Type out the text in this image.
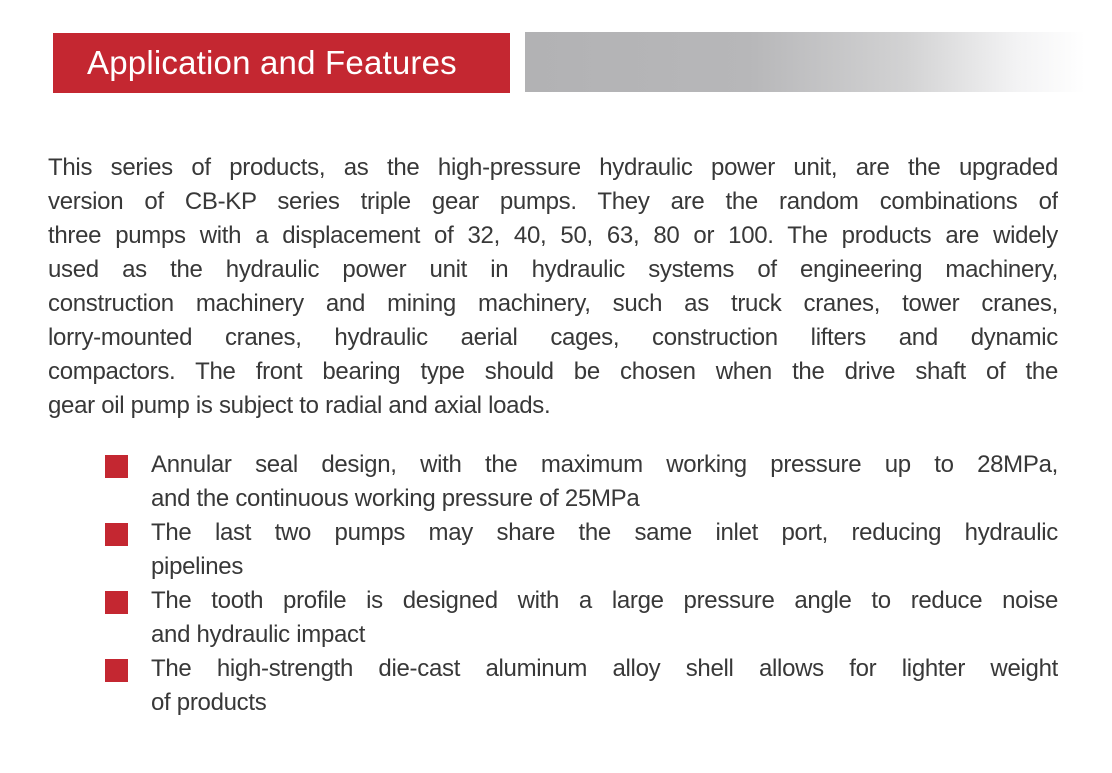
Application and Features
This series of products, as the high-pressure hydraulic power unit, are the upgraded
version of CB-KP series triple gear pumps. They are the random combinations of
three pumps with a displacement of 32, 40, 50, 63, 80 or 100. The products are widely
used as the hydraulic power unit in hydraulic systems of engineering machinery,
construction machinery and mining machinery, such as truck cranes, tower cranes,
lorry-mounted cranes, hydraulic aerial cages, construction lifters and dynamic
compactors. The front bearing type should be chosen when the drive shaft of the
gear oil pump is subject to radial and axial loads.
Annular seal design, with the maximum working pressure up to 28MPa,
and the continuous working pressure of 25MPa
The last two pumps may share the same inlet port, reducing hydraulic
pipelines
The tooth profile is designed with a large pressure angle to reduce noise
and hydraulic impact
The high-strength die-cast aluminum alloy shell allows for lighter weight
of products
